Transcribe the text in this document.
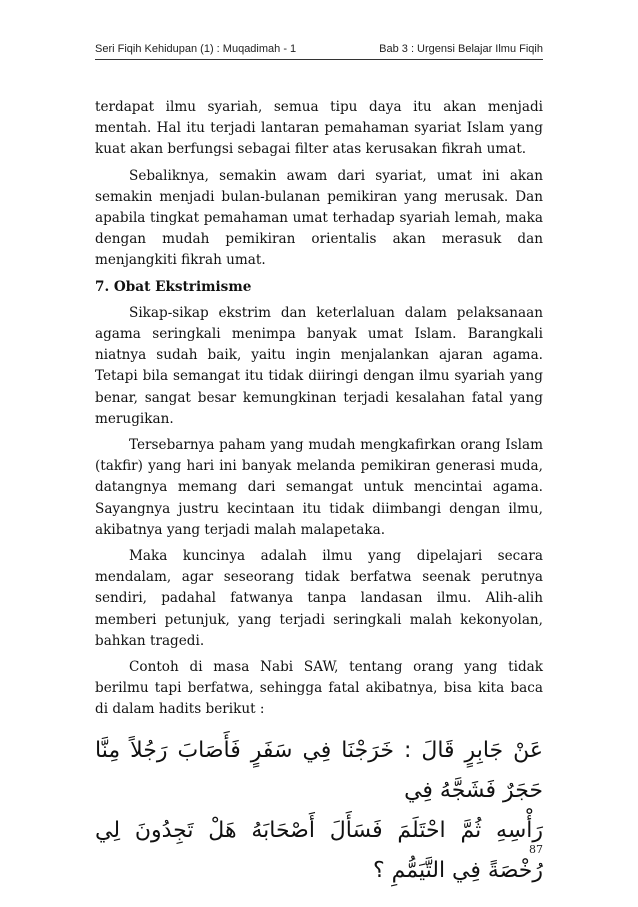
Seri Fiqih Kehidupan (1) : Muqadimah - 1	Bab 3 : Urgensi Belajar Ilmu Fiqih

terdapat ilmu syariah, semua tipu daya itu akan menjadi mentah. Hal itu terjadi lantaran pemahaman syariat Islam yang kuat akan berfungsi sebagai filter atas kerusakan fikrah umat.

Sebaliknya, semakin awam dari syariat, umat ini akan semakin menjadi bulan-bulanan pemikiran yang merusak. Dan apabila tingkat pemahaman umat terhadap syariah lemah, maka dengan mudah pemikiran orientalis akan merasuk dan menjangkiti fikrah umat.

7. Obat Ekstrimisme

Sikap-sikap ekstrim dan keterlaluan dalam pelaksanaan agama seringkali menimpa banyak umat Islam. Barangkali niatnya sudah baik, yaitu ingin menjalankan ajaran agama. Tetapi bila semangat itu tidak diiringi dengan ilmu syariah yang benar, sangat besar kemungkinan terjadi kesalahan fatal yang merugikan.

Tersebarnya paham yang mudah mengkafirkan orang Islam (takfir) yang hari ini banyak melanda pemikiran generasi muda, datangnya memang dari semangat untuk mencintai agama. Sayangnya justru kecintaan itu tidak diimbangi dengan ilmu, akibatnya yang terjadi malah malapetaka.

Maka kuncinya adalah ilmu yang dipelajari secara mendalam, agar seseorang tidak berfatwa seenak perutnya sendiri, padahal fatwanya tanpa landasan ilmu. Alih-alih memberi petunjuk, yang terjadi seringkali malah kekonyolan, bahkan tragedi.

Contoh di masa Nabi SAW, tentang orang yang tidak berilmu tapi berfatwa, sehingga fatal akibatnya, bisa kita baca di dalam hadits berikut :

عَنْ جَابِرٍ قَالَ : خَرَجْنَا فِي سَفَرٍ فَأَصَابَ رَجُلاً مِنَّا حَجَرٌ فَشَجَّهُ فِي
رَأْسِهِ ثُمَّ احْتَلَمَ فَسَأَلَ أَصْحَابَهُ هَلْ تَجِدُونَ لِي رُخْصَةً فِي التَّيَمُّمِ ؟
87
